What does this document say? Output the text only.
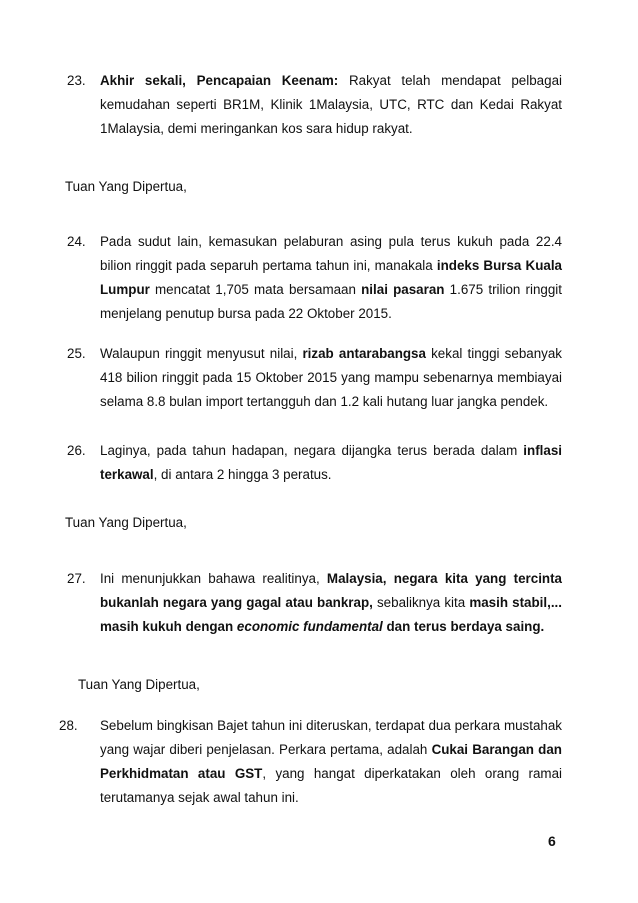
23. Akhir sekali, Pencapaian Keenam: Rakyat telah mendapat pelbagai kemudahan seperti BR1M, Klinik 1Malaysia, UTC, RTC dan Kedai Rakyat 1Malaysia, demi meringankan kos sara hidup rakyat.
Tuan Yang Dipertua,
24. Pada sudut lain, kemasukan pelaburan asing pula terus kukuh pada 22.4 bilion ringgit pada separuh pertama tahun ini, manakala indeks Bursa Kuala Lumpur mencatat 1,705 mata bersamaan nilai pasaran 1.675 trilion ringgit menjelang penutup bursa pada 22 Oktober 2015.
25. Walaupun ringgit menyusut nilai, rizab antarabangsa kekal tinggi sebanyak 418 bilion ringgit pada 15 Oktober 2015 yang mampu sebenarnya membiayai selama 8.8 bulan import tertangguh dan 1.2 kali hutang luar jangka pendek.
26. Laginya, pada tahun hadapan, negara dijangka terus berada dalam inflasi terkawal, di antara 2 hingga 3 peratus.
Tuan Yang Dipertua,
27. Ini menunjukkan bahawa realitinya, Malaysia, negara kita yang tercinta bukanlah negara yang gagal atau bankrap, sebaliknya kita masih stabil,... masih kukuh dengan economic fundamental dan terus berdaya saing.
Tuan Yang Dipertua,
28. Sebelum bingkisan Bajet tahun ini diteruskan, terdapat dua perkara mustahak yang wajar diberi penjelasan. Perkara pertama, adalah Cukai Barangan dan Perkhidmatan atau GST, yang hangat diperkatakan oleh orang ramai terutamanya sejak awal tahun ini.
6
